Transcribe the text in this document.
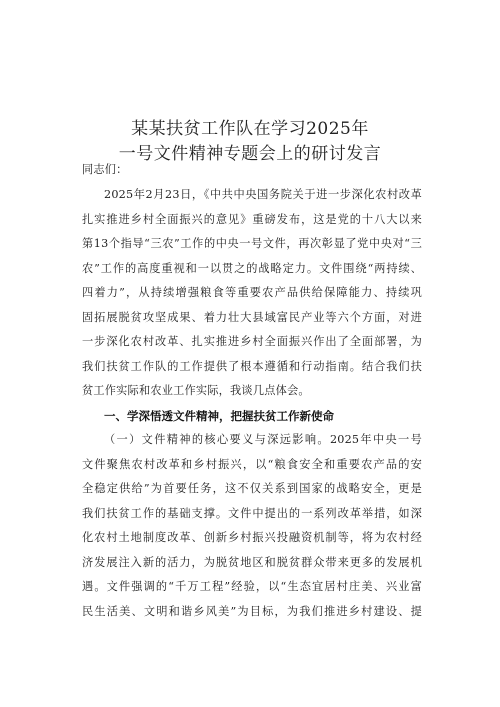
某某扶贫工作队在学习2025年
一号文件精神专题会上的研讨发言
同志们：
2025年2月23日，《中共中央国务院关于进一步深化农村改革
扎实推进乡村全面振兴的意见》重磅发布，这是党的十八大以来
第13个指导“三农”工作的中央一号文件，再次彰显了党中央对“三
农”工作的高度重视和一以贯之的战略定力。文件围绕“两持续、
四着力”，从持续增强粮食等重要农产品供给保障能力、持续巩
固拓展脱贫攻坚成果、着力壮大县域富民产业等六个方面，对进
一步深化农村改革、扎实推进乡村全面振兴作出了全面部署，为
我们扶贫工作队的工作提供了根本遵循和行动指南。结合我们扶
贫工作实际和农业工作实际，我谈几点体会。
一、学深悟透文件精神，把握扶贫工作新使命
（一）文件精神的核心要义与深远影响。2025年中央一号
文件聚焦农村改革和乡村振兴，以“粮食安全和重要农产品的安
全稳定供给”为首要任务，这不仅关系到国家的战略安全，更是
我们扶贫工作的基础支撑。文件中提出的一系列改革举措，如深
化农村土地制度改革、创新乡村振兴投融资机制等，将为农村经
济发展注入新的活力，为脱贫地区和脱贫群众带来更多的发展机
遇。文件强调的“千万工程”经验，以“生态宜居村庄美、兴业富
民生活美、文明和谐乡风美”为目标，为我们推进乡村建设、提
